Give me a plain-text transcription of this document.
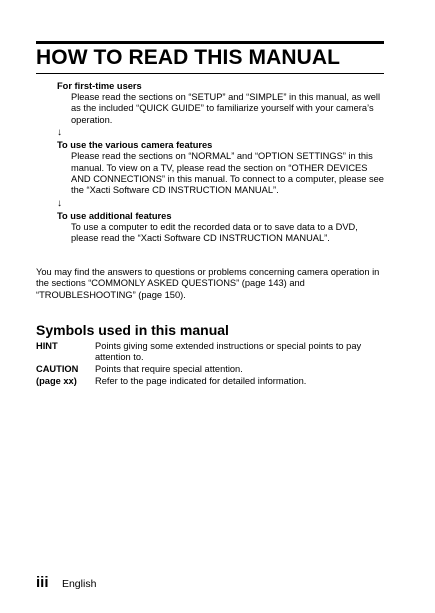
HOW TO READ THIS MANUAL
For first-time users
Please read the sections on “SETUP” and “SIMPLE” in this manual, as well as the included “QUICK GUIDE” to familiarize yourself with your camera’s operation.
↓
To use the various camera features
Please read the sections on “NORMAL” and “OPTION SETTINGS” in this manual. To view on a TV, please read the section on “OTHER DEVICES AND CONNECTIONS” in this manual. To connect to a computer, please see the “Xacti Software CD INSTRUCTION MANUAL”.
↓
To use additional features
To use a computer to edit the recorded data or to save data to a DVD, please read the “Xacti Software CD INSTRUCTION MANUAL”.

You may find the answers to questions or problems concerning camera operation in the sections “COMMONLY ASKED QUESTIONS” (page 143) and “TROUBLESHOOTING” (page 150).

Symbols used in this manual
HINT	Points giving some extended instructions or special points to pay attention to.
CAUTION	Points that require special attention.
(page xx)	Refer to the page indicated for detailed information.
iii English
